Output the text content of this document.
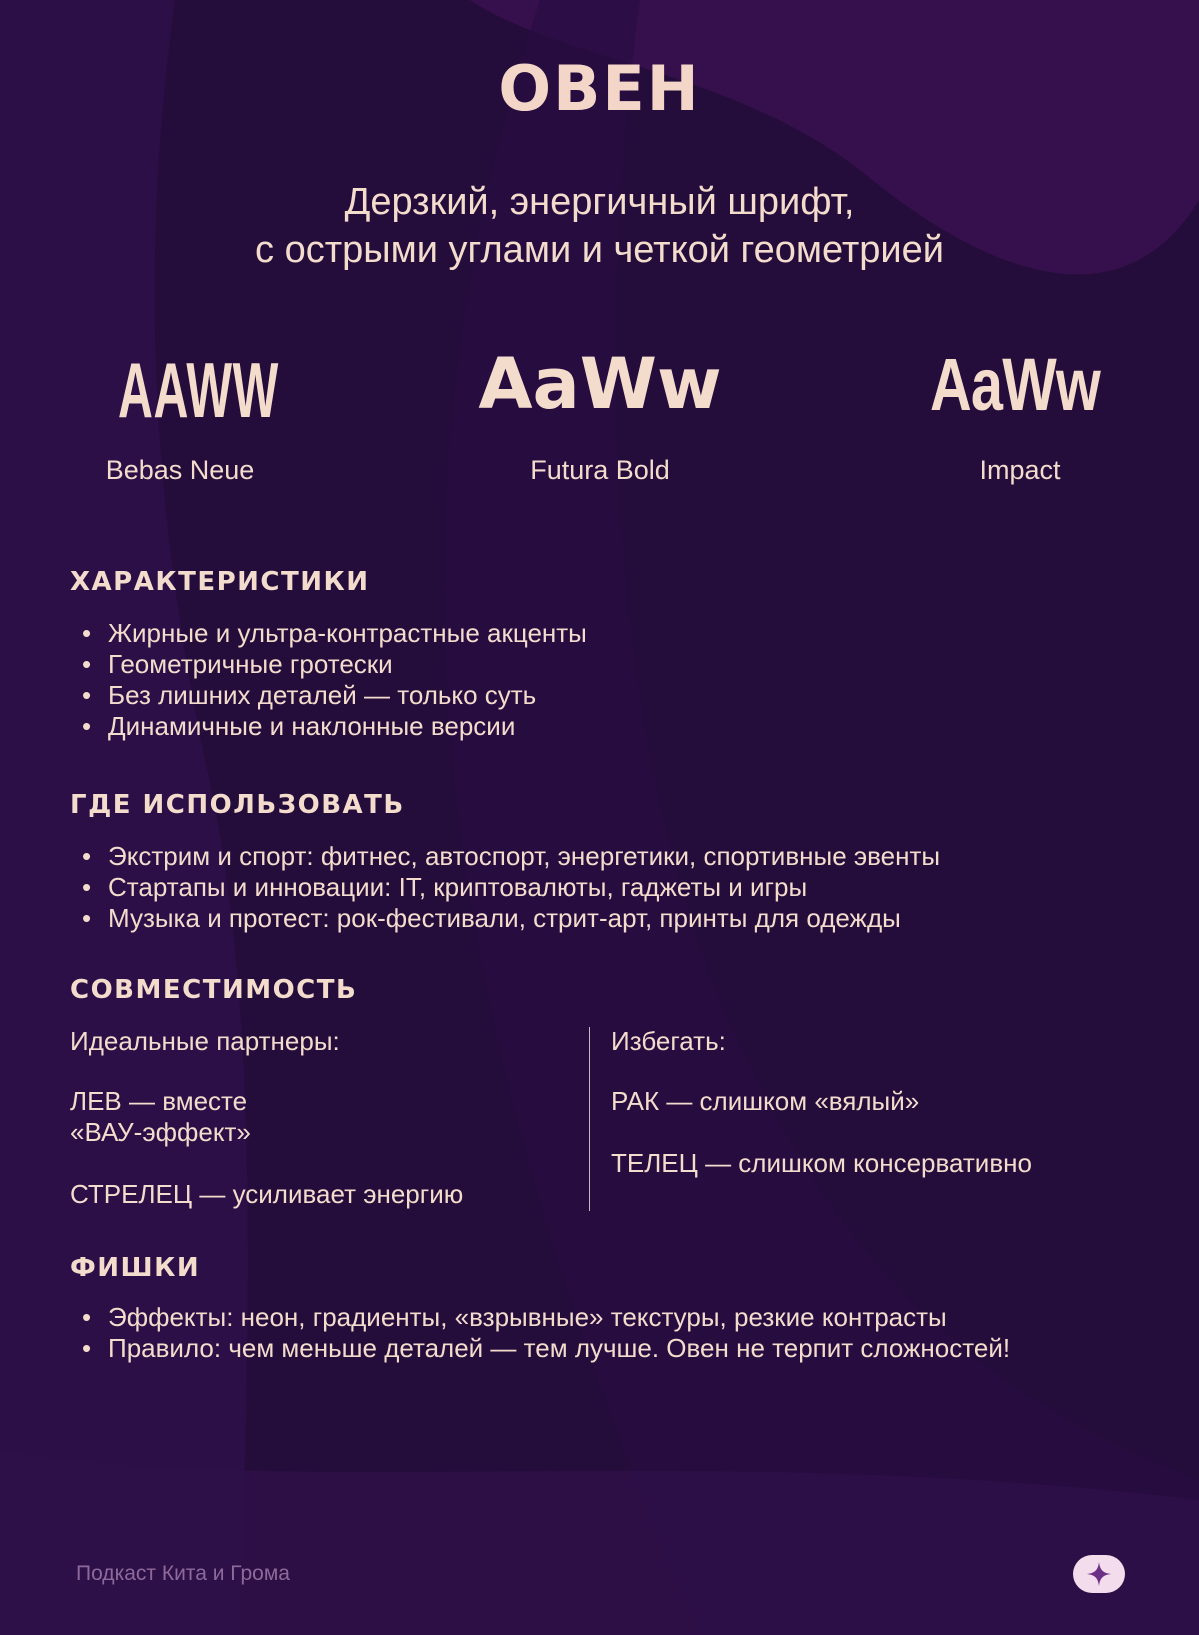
ОВЕН
Дерзкий, энергичный шрифт,
с острыми углами и четкой геометрией
AAWW	AaWw	AaWw
Bebas Neue	Futura Bold	Impact
ХАРАКТЕРИСТИКИ
• Жирные и ультра-контрастные акценты
• Геометричные гротески
• Без лишних деталей — только суть
• Динамичные и наклонные версии
ГДЕ ИСПОЛЬЗОВАТЬ
• Экстрим и спорт: фитнес, автоспорт, энергетики, спортивные эвенты
• Стартапы и инновации: IT, криптовалюты, гаджеты и игры
• Музыка и протест: рок-фестивали, стрит-арт, принты для одежды
СОВМЕСТИМОСТЬ
Идеальные партнеры:
ЛЕВ — вместе
«ВАУ-эффект»
СТРЕЛЕЦ — усиливает энергию
Избегать:
РАК — слишком «вялый»
ТЕЛЕЦ — слишком консервативно
ФИШКИ
• Эффекты: неон, градиенты, «взрывные» текстуры, резкие контрасты
• Правило: чем меньше деталей — тем лучше. Овен не терпит сложностей!
Подкаст Кита и Грома
